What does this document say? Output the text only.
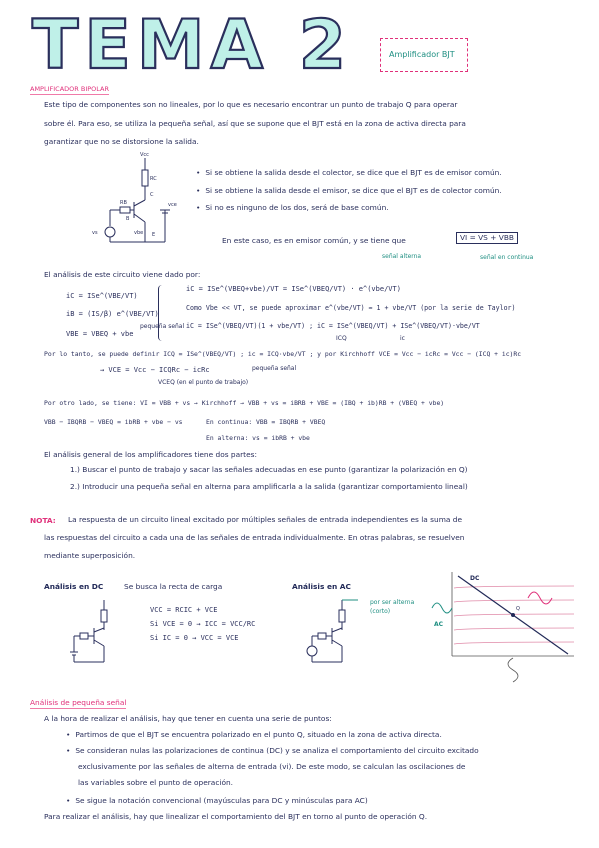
TEMA 2	Amplificador BJT
AMPLIFICADOR BIPOLAR
Este tipo de componentes son no lineales, por lo que es necesario encontrar un punto de trabajo Q para operar
sobre él. Para eso, se utiliza la pequeña señal, así que se supone que el BJT está en la zona de activa directa para
garantizar que no se distorsione la salida.
Vcc
RC
C
vce
RB
B
vbe E
vs
• Si se obtiene la salida desde el colector, se dice que el BJT es de emisor común.
• Si se obtiene la salida desde el emisor, se dice que el BJT es de colector común.
• Si no es ninguno de los dos, será de base común.
En este caso, es en emisor común, y se tiene que	VI = VS + VBB
señal alterna	señal en continua
El análisis de este circuito viene dado por:
iC = ISe^(VBE/VT)
iB = (IS/β) e^(VBE/VT)
VBE = VBEQ + vbe
pequeña señal
iC = ISe^(VBEQ+vbe)/VT = ISe^(VBEQ/VT) · e^(vbe/VT)
Como Vbe << VT, se puede aproximar e^(vbe/VT) ≈ 1 + vbe/VT (por la serie de Taylor)
iC = ISe^(VBEQ/VT)(1 + vbe/VT) ; iC = ISe^(VBEQ/VT) + ISe^(VBEQ/VT)·vbe/VT
ICQ	ic
Por lo tanto, se puede definir ICQ = ISe^(VBEQ/VT) ; ic = ICQ·vbe/VT ; y por Kirchhoff VCE = Vcc − icRc = Vcc − (ICQ + ic)Rc
→ VCE = Vcc − ICQRc − icRc	pequeña señal
VCEQ (en el punto de trabajo)
Por otro lado, se tiene: VI = VBB + vs → Kirchhoff → VBB + vs = iBRB + VBE = (IBQ + ib)RB + (VBEQ + vbe)
VBB − IBQRB − VBEQ = ibRB + vbe − vs	En continua: VBB = IBQRB + VBEQ
En alterna: vs = ibRB + vbe
El análisis general de los amplificadores tiene dos partes:
1.) Buscar el punto de trabajo y sacar las señales adecuadas en ese punto (garantizar la polarización en Q)
2.) Introducir una pequeña señal en alterna para amplificarla a la salida (garantizar comportamiento lineal)
NOTA: La respuesta de un circuito lineal excitado por múltiples señales de entrada independientes es la suma de
las respuestas del circuito a cada una de las señales de entrada individualmente. En otras palabras, se resuelven
mediante superposición.
Análisis en DC	Se busca la recta de carga
VCC = RCIC + VCE
Si VCE = 0 → ICC = VCC/RC
Si IC = 0 → VCC = VCE
Análisis en AC
por ser alterna (corto)
DC
AC
Q
Análisis de pequeña señal
A la hora de realizar el análisis, hay que tener en cuenta una serie de puntos:
• Partimos de que el BJT se encuentra polarizado en el punto Q, situado en la zona de activa directa.
• Se consideran nulas las polarizaciones de continua (DC) y se analiza el comportamiento del circuito excitado
exclusivamente por las señales de alterna de entrada (vi). De este modo, se calculan las oscilaciones de
las variables sobre el punto de operación.
• Se sigue la notación convencional (mayúsculas para DC y minúsculas para AC)
Para realizar el análisis, hay que linealizar el comportamiento del BJT en torno al punto de operación Q.
